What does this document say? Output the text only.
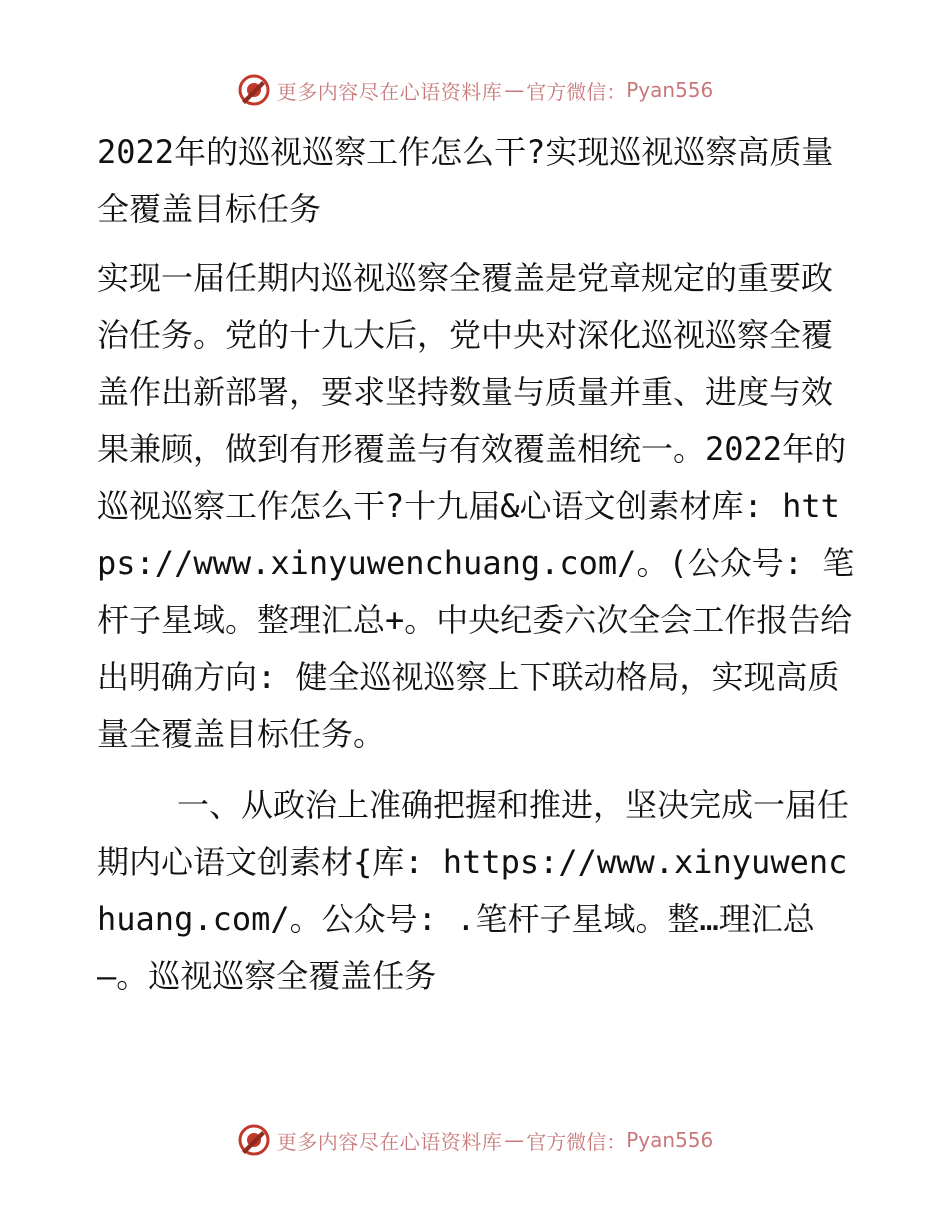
更多内容尽在心语资料库 — 官方微信： Pyan556

2022年的巡视巡察工作怎么干?实现巡视巡察高质量全覆盖目标任务

实现一届任期内巡视巡察全覆盖是党章规定的重要政治任务。党的十九大后，党中央对深化巡视巡察全覆盖作出新部署，要求坚持数量与质量并重、进度与效果兼顾，做到有形覆盖与有效覆盖相统一。2022年的巡视巡察工作怎么干?十九届&心语文创素材库: https://www.xinyuwenchuang.com/。(公众号: 笔杆子星域。整理汇总+。中央纪委六次全会工作报告给出明确方向: 健全巡视巡察上下联动格局，实现高质量全覆盖目标任务。

一、从政治上准确把握和推进，坚决完成一届任期内心语文创素材{库: https://www.xinyuwenchuang.com/。公众号: .笔杆子星域。整…理汇总—。巡视巡察全覆盖任务

更多内容尽在心语资料库 — 官方微信： Pyan556
